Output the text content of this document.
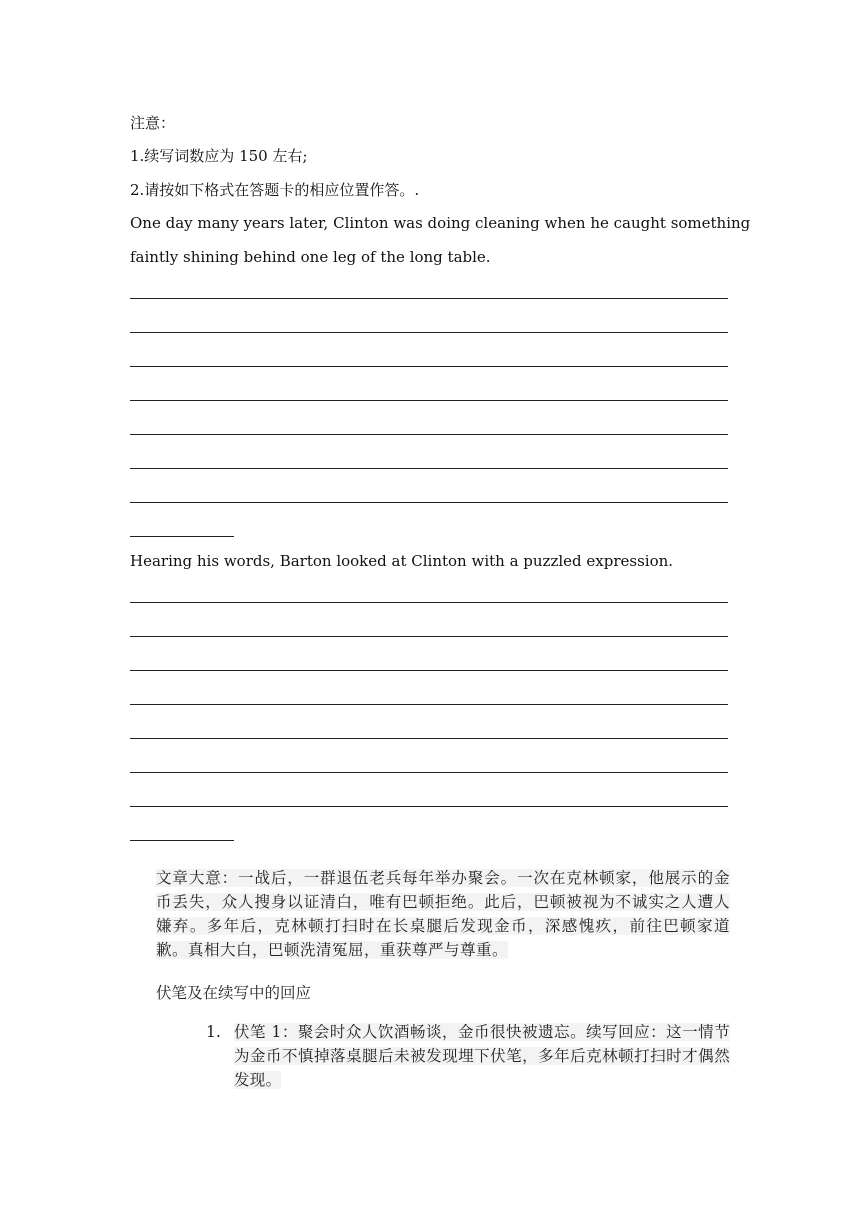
注意：
1.续写词数应为 150 左右;
2.请按如下格式在答题卡的相应位置作答。.
One day many years later, Clinton was doing cleaning when he caught something
faintly shining behind one leg of the long table.
Hearing his words, Barton looked at Clinton with a puzzled expression.
文章大意：一战后，一群退伍老兵每年举办聚会。一次在克林顿家，他展示的金币丢失，众人搜身以证清白，唯有巴顿拒绝。此后，巴顿被视为不诚实之人遭人嫌弃。多年后，克林顿打扫时在长桌腿后发现金币，深感愧疚，前往巴顿家道歉。真相大白，巴顿洗清冤屈，重获尊严与尊重。
伏笔及在续写中的回应
1. 伏笔 1：聚会时众人饮酒畅谈，金币很快被遗忘。续写回应：这一情节为金币不慎掉落桌腿后未被发现埋下伏笔，多年后克林顿打扫时才偶然发现。
